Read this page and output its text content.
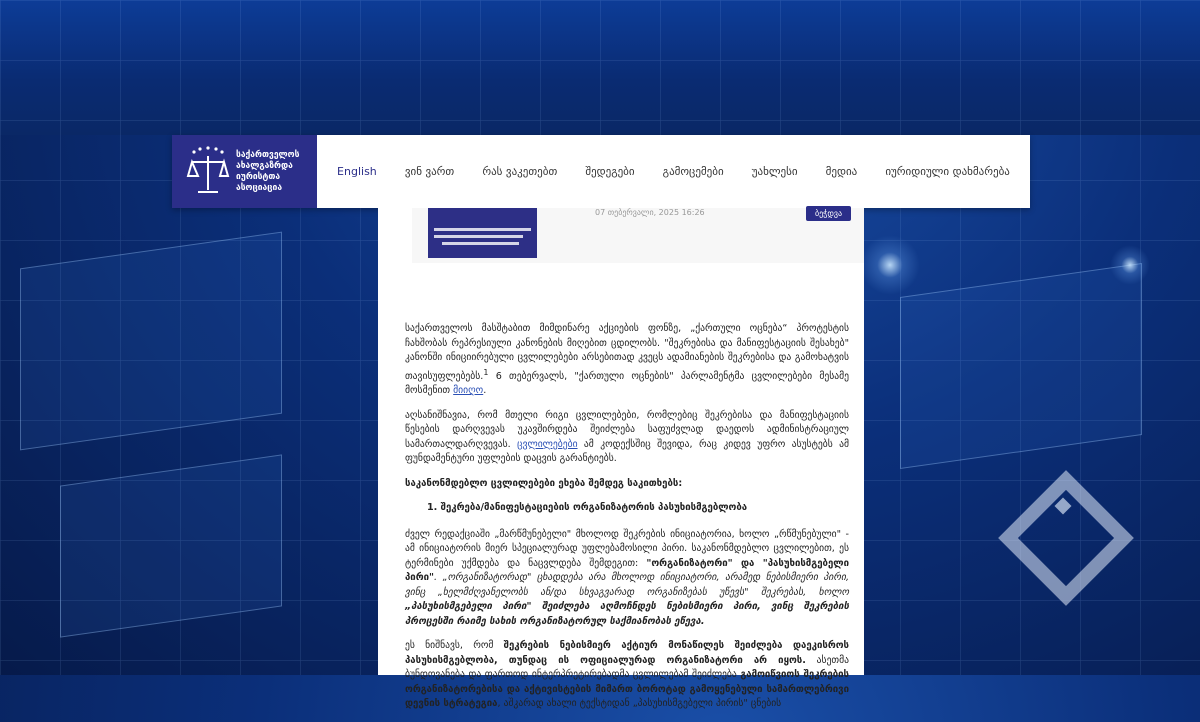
საქართველოს
ახალგაზრდა
იურისტთა
ასოციაცია
English	ვინ ვართ	რას ვაკეთებთ	შედეგები	გამოცემები	უახლესი	მედია	იურიდიული დახმარება
07 თებერვალი, 2025 16:26	ბეჭდვა

საქართველოს მასშტაბით მიმდინარე აქციების ფონზე, „ქართული ოცნება“ პროტესტის ჩახშობას რეპრესიული კანონების მიღებით ცდილობს. "შეკრებისა და მანიფესტაციის შესახებ" კანონში ინიციირებული ცვლილებები არსებითად კვეცს ადამიანების შეკრებისა და გამოხატვის თავისუფლებებს.$^1$ 6 თებერვალს, "ქართული ოცნების" პარლამენტმა ცვლილებები მესამე მოსმენით მიიღო.

აღსანიშნავია, რომ მთელი რიგი ცვლილებები, რომლებიც შეკრებისა და მანიფესტაციის წესების დარღვევას უკავშირდება შეიძლება საფუძვლად დაედოს ადმინისტრაციულ სამართალდარღვევას. ცვლილებები ამ კოდექსშიც შევიდა, რაც კიდევ უფრო ასუსტებს ამ ფუნდამენტური უფლების დაცვის გარანტიებს.

საკანონმდებლო ცვლილებები ეხება შემდეგ საკითხებს:

1. შეკრება/მანიფესტაციების ორგანიზატორის პასუხისმგებლობა

ძველ რედაქციაში „მარწმუნებელი" მხოლოდ შეკრების ინიციატორია, ხოლო „რწმუნებული" - ამ ინიციატორის მიერ სპეციალურად უფლებამოსილი პირი. საკანონმდებლო ცვლილებით, ეს ტერმინები უქმდება და ნაცვლდება შემდეგით: "ორგანიზატორი" და "პასუხისმგებელი პირი". „ორგანიზატორად" ცხადდება არა მხოლოდ ინიციატორი, არამედ ნებისმიერი პირი, ვინც „ხელმძღვანელობს ან/და სხვაგვარად ორგანიზებას უწევს" შეკრებას, ხოლო „პასუხისმგებელი პირი" შეიძლება აღმოჩნდეს ნებისმიერი პირი, ვინც შეკრების პროცესში რაიმე სახის ორგანიზატორულ საქმიანობას ეწევა.

ეს ნიშნავს, რომ შეკრების ნებისმიერ აქტიურ მონაწილეს შეიძლება დაეკისროს პასუხისმგებლობა, თუნდაც ის ოფიციალურად ორგანიზატორი არ იყოს. ასეთმა ბუნდოვანება და ფართოდ ინტერპრეტირებადმა ცვლილებამ შეიძლება გამოიწვიოს შეკრების ორგანიზატორებისა და აქტივისტების მიმართ ბოროტად გამოყენებული სამართლებრივი დევნის სტრატეგია, აშკარად ახალი ტექსტიდან „პასუხისმგებელი პირის" ცნების
